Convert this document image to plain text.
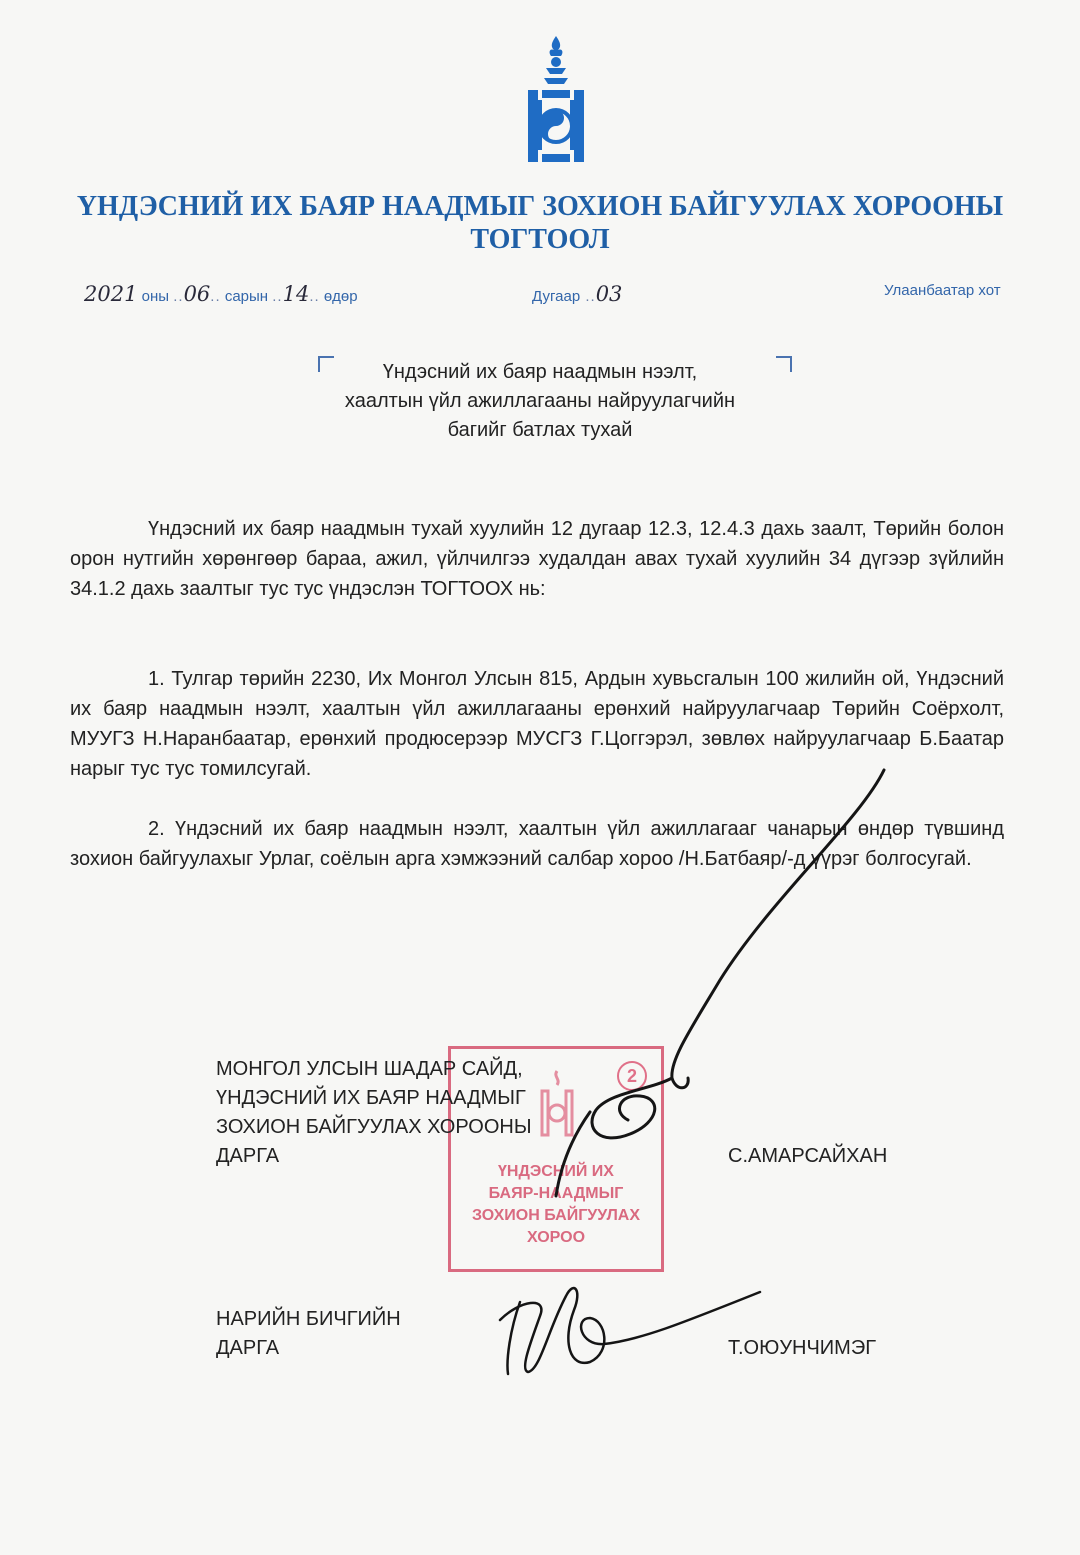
ҮНДЭСНИЙ ИХ БАЯР НААДМЫГ ЗОХИОН БАЙГУУЛАХ ХОРООНЫ ТОГТООЛ
2021 оны ..06.. сарын ..14.. өдөр	Дугаар ..03	Улаанбаатар хот
Үндэсний их баяр наадмын нээлт,
хаалтын үйл ажиллагааны найруулагчийн
багийг батлах тухай

Үндэсний их баяр наадмын тухай хуулийн 12 дугаар 12.3, 12.4.3 дахь заалт, Төрийн болон орон нутгийн хөрөнгөөр бараа, ажил, үйлчилгээ худалдан авах тухай хуулийн 34 дүгээр зүйлийн 34.1.2 дахь заалтыг тус тус үндэслэн ТОГТООХ нь:

1. Тулгар төрийн 2230, Их Монгол Улсын 815, Ардын хувьсгалын 100 жилийн ой, Үндэсний их баяр наадмын нээлт, хаалтын үйл ажиллагааны ерөнхий найруулагчаар Төрийн Соёрхолт, МУУГЗ Н.Наранбаатар, ерөнхий продюсерээр МУСГЗ Г.Цоггэрэл, зөвлөх найруулагчаар Б.Баатар нарыг тус тус томилсугай.

2. Үндэсний их баяр наадмын нээлт, хаалтын үйл ажиллагааг чанарын өндөр түвшинд зохион байгуулахыг Урлаг, соёлын арга хэмжээний салбар хороо /Н.Батбаяр/-д үүрэг болгосугай.

2
ҮНДЭСНИЙ ИХ
БАЯР-НААДМЫГ
ЗОХИОН БАЙГУУЛАХ
ХОРОО
МОНГОЛ УЛСЫН ШАДАР САЙД,
ҮНДЭСНИЙ ИХ БАЯР НААДМЫГ
ЗОХИОН БАЙГУУЛАХ ХОРООНЫ
ДАРГА	С.АМАРСАЙХАН
НАРИЙН БИЧГИЙН
ДАРГА	Т.ОЮУНЧИМЭГ
